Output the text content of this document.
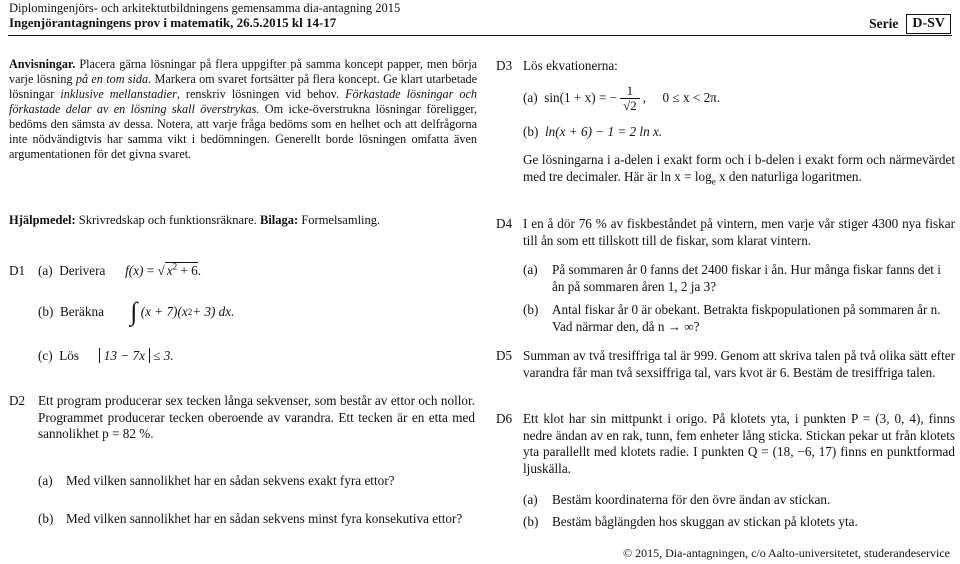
Diplomingenjörs- och arkitektutbildningens gemensamma dia-antagning 2015
Ingenjörantagningens prov i matematik, 26.5.2015 kl 14-17	Serie	D-SV
Anvisningar. Placera gärna lösningar på flera uppgifter på samma koncept papper, men börja varje lösning på en tom sida. Markera om svaret fortsätter på flera koncept. Ge klart utarbetade lösningar inklusive mellanstadier, renskriv lösningen vid behov. Förkastade lösningar och förkastade delar av en lösning skall överstrykas. Om icke-överstrukna lösningar föreligger, bedöms den sämsta av dessa. Notera, att varje fråga bedöms som en helhet och att delfrågorna inte nödvändigtvis har samma vikt i bedömningen. Generellt borde lösningen omfatta även argumentationen för det givna svaret.
Hjälpmedel: Skrivredskap och funktionsräknare. Bilaga: Formelsamling.
D1 (a) Derivera f(x) = √ $x^2 + 6$.
(b)
Beräkna
∫
(x + 7)(x 2 + 3) dx.
(c) Lös 13 − 7x ≤ 3.
D2 Ett program producerar sex tecken långa sekvenser, som består av ettor och nollor. Programmet producerar tecken oberoende av varandra. Ett tecken är en etta med sannolikhet p = 82 %.
(a) Med vilken sannolikhet har en sådan sekvens exakt fyra ettor?
(b) Med vilken sannolikhet har en sådan sekvens minst fyra konsekutiva ettor?
D3 Lös ekvationerna:
(a)
sin(1 + x) = − $\frac{1}{√2}$ ,     0 ≤ x < 2π.
(b) ln(x + 6) − 1 = 2 ln x.
Ge lösningarna i a-delen i exakt form och i b-delen i exakt form och närmevärdet med tre decimaler. Här är $\ln x = \log_e x$ den naturliga logaritmen.
D4 I en å dör 76 % av fiskbeståndet på vintern, men varje vår stiger 4300 nya fiskar till ån som ett tillskott till de fiskar, som klarat vintern.
(a) På sommaren år 0 fanns det 2400 fiskar i ån. Hur många fiskar fanns det i ån på sommaren åren 1, 2 ja 3?
(b) Antal fiskar år 0 är obekant. Betrakta fiskpopulationen på sommaren år n. Vad närmar den, då n → ∞?
D5 Summan av två tresiffriga tal är 999. Genom att skriva talen på två olika sätt efter varandra får man två sexsiffriga tal, vars kvot är 6. Bestäm de tresiffriga talen.
D6 Ett klot har sin mittpunkt i origo. På klotets yta, i punkten P = (3, 0, 4), finns nedre ändan av en rak, tunn, fem enheter lång sticka. Stickan pekar ut från klotets yta parallellt med klotets radie. I punkten Q = (18, −6, 17) finns en punktformad ljuskälla.
(a) Bestäm koordinaterna för den övre ändan av stickan.
(b) Bestäm båglängden hos skuggan av stickan på klotets yta.
© 2015, Dia-antagningen, c/o Aalto-universitetet, studerandeservice
